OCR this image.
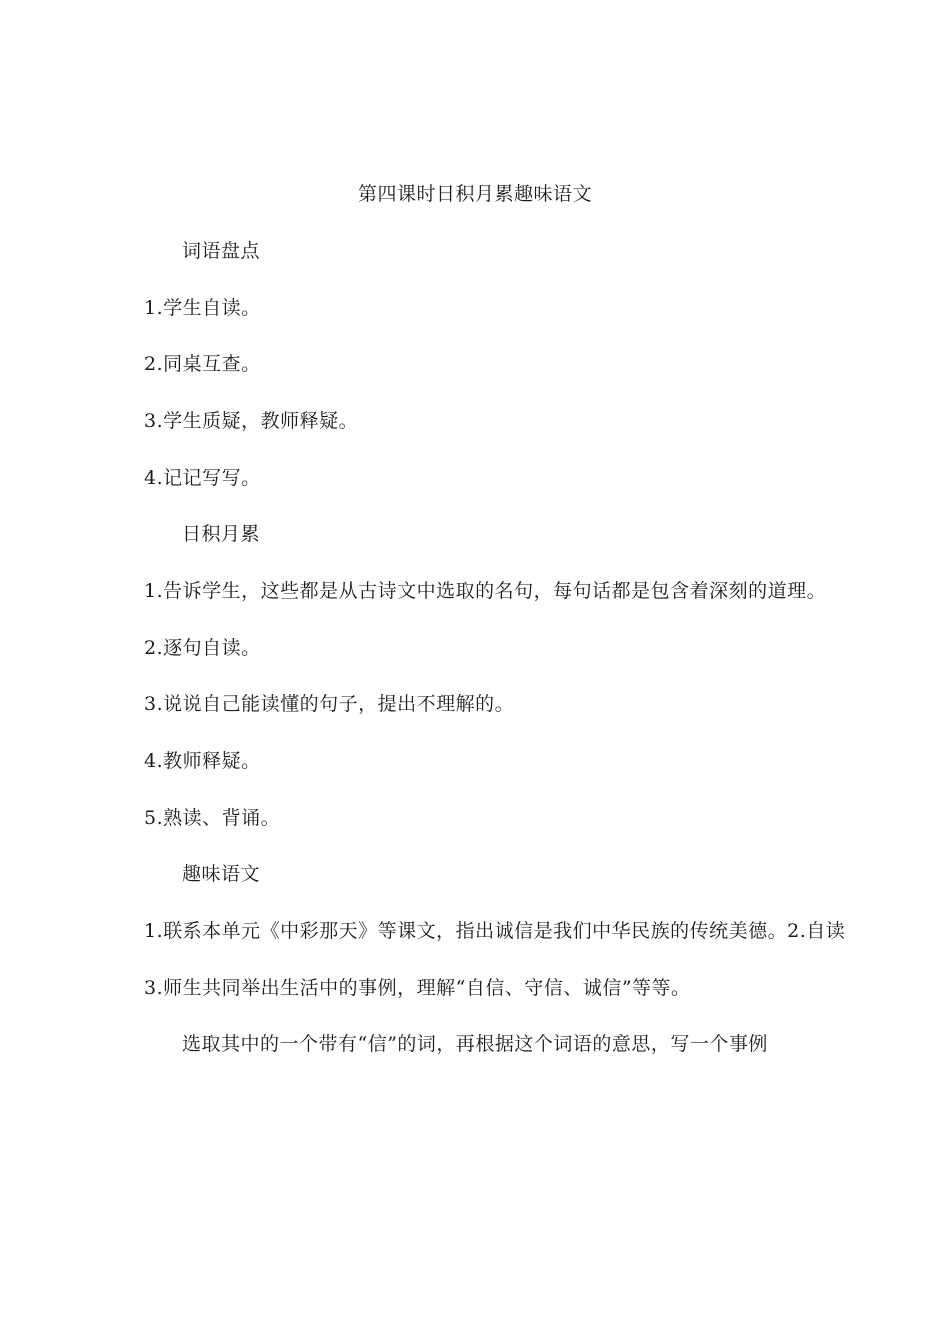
第四课时日积月累趣味语文
词语盘点
1.学生自读。
2.同桌互查。
3.学生质疑，教师释疑。
4.记记写写。
日积月累
1.告诉学生，这些都是从古诗文中选取的名句，每句话都是包含着深刻的道理。
2.逐句自读。
3.说说自己能读懂的句子，提出不理解的。
4.教师释疑。
5.熟读、背诵。
趣味语文
1.联系本单元《中彩那天》等课文，指出诚信是我们中华民族的传统美德。2.自读
3.师生共同举出生活中的事例，理解“自信、守信、诚信”等等。
选取其中的一个带有“信”的词，再根据这个词语的意思，写一个事例
